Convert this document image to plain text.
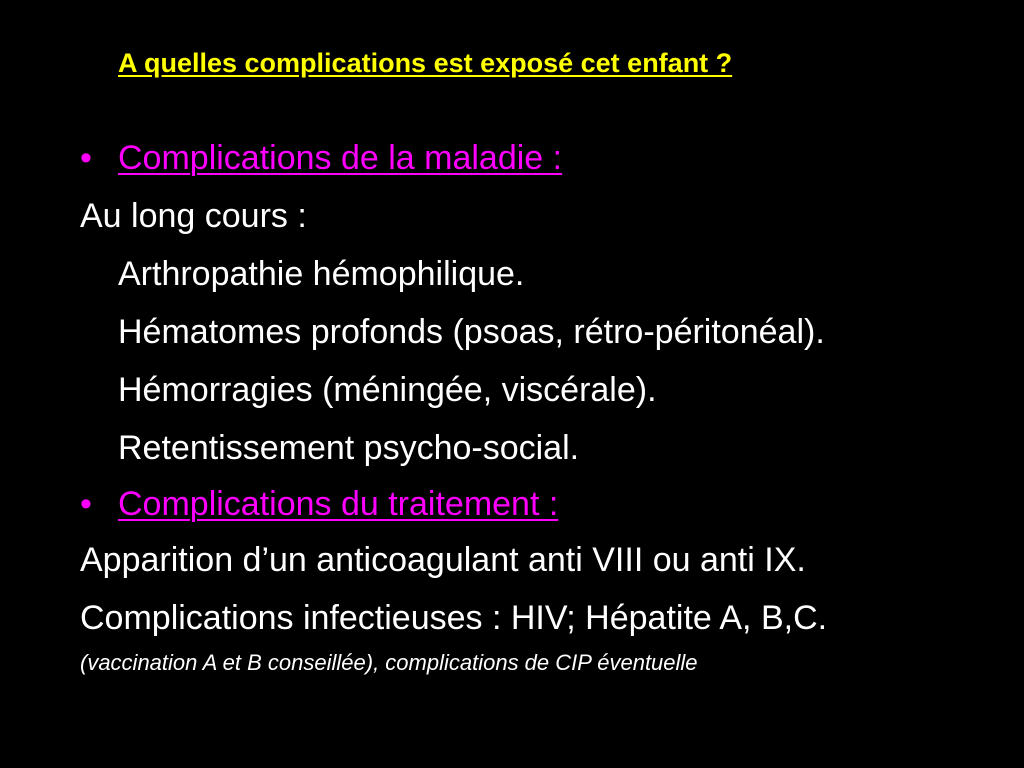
A quelles complications est exposé cet enfant ?
• Complications de la maladie :
Au long cours :
Arthropathie hémophilique.
Hématomes profonds (psoas, rétro-péritonéal).
Hémorragies (méningée, viscérale).
Retentissement psycho-social.
• Complications du traitement :
Apparition d’un anticoagulant anti VIII ou anti IX.
Complications infectieuses : HIV; Hépatite A, B,C.
(vaccination A et B conseillée), complications de CIP éventuelle
